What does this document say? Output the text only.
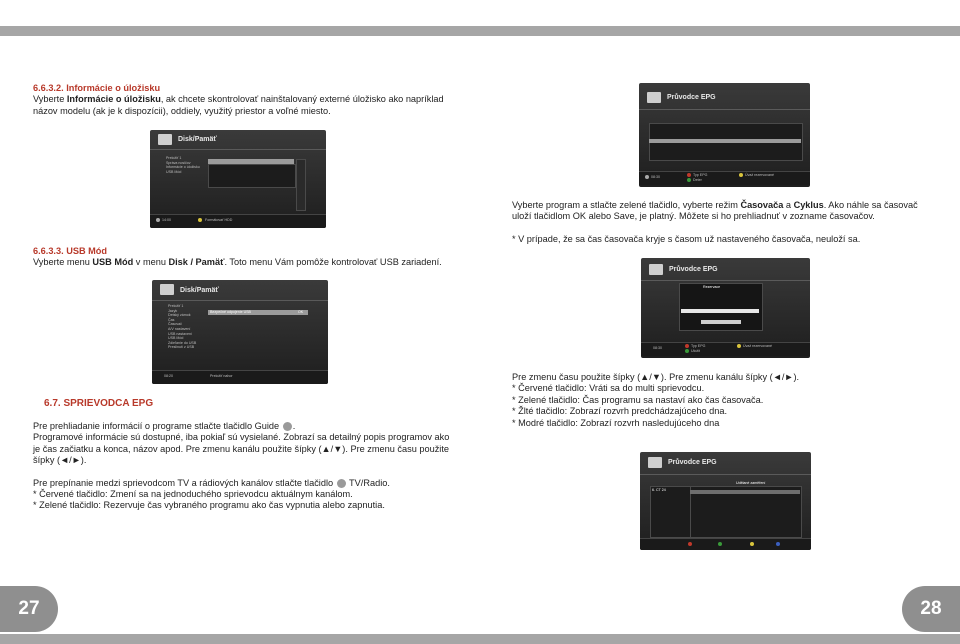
6.6.3.2. Informácie o úložisku

Vyberte Informácie o úložisku, ak chcete skontrolovať nainštalovaný externé úložisko ako napríklad názov modelu (ak je k dispozícii), oddiely, využitý priestor a voľné miesto.

Disk/Pamäť
Preložiť 1
Správa nosičov
Informácie o úložisku
USB Mód
14:00	Formátovať HDD

6.6.3.3. USB Mód

Vyberte menu USB Mód v menu Disk / Pamäť. Toto menu Vám pomôže kontrolovať USB zariadení.

Disk/Pamäť
Preložiť 1
Jazyk
Detský zámok
Čas
Časovač
A/V nastavení
USB nastavení
USB Mód
Zdieľanie do USB
Preslinutí z USB
Bezpečné odpojenie USB	OK
08:20	Preložiť nahor
6.7. SPRIEVODCA EPG

Pre prehliadanie informácií o programe stlačte tlačidlo Guide .

Programové informácie sú dostupné, iba pokiaľ sú vysielané. Zobrazí sa detailný popis programov ako je čas začiatku a konca, názov apod. Pre zmenu kanálu použite šípky (▲/▼). Pre zmenu času použite šípky (◄/►).

Pre prepínanie medzi sprievodcom TV a rádiových kanálov stlačte tlačidlo  TV/Radio.

* Červené tlačidlo: Zmení sa na jednoduchého sprievodcu aktuálnym kanálom.

* Zelené tlačidlo: Rezervuje čas vybraného programu ako čas vypnutia alebo zapnutia.

Průvodce EPG
08:30	Typ EPG
Deter
Úvaž rezervované

Vyberte program a stlačte zelené tlačidlo, vyberte režim Časovača a Cyklus. Ako náhle sa časovač uloží tlačidlom OK alebo Save, je platný. Môžete si ho prehliadnuť v zozname časovačov.

* V prípade, že sa čas časovača kryje s časom už nastaveného časovača, neuloží sa.

Průvodce EPG
Rezervace
08:30	Typ EPG
Uložit
Úvaž rezervované

Pre zmenu času použite šípky (▲/▼). Pre zmenu kanálu šípky (◄/►).

* Červené tlačidlo: Vráti sa do multi sprievodcu.

* Zelené tlačidlo: Čas programu sa nastaví ako čas časovača.

* Žlté tlačidlo: Zobrazí rozvrh predchádzajúceho dna.

* Modré tlačidlo: Zobrazí rozvrh nasledujúceho dna

Průvodce EPG
6. CT 24
Udělané zaměření
27	28
